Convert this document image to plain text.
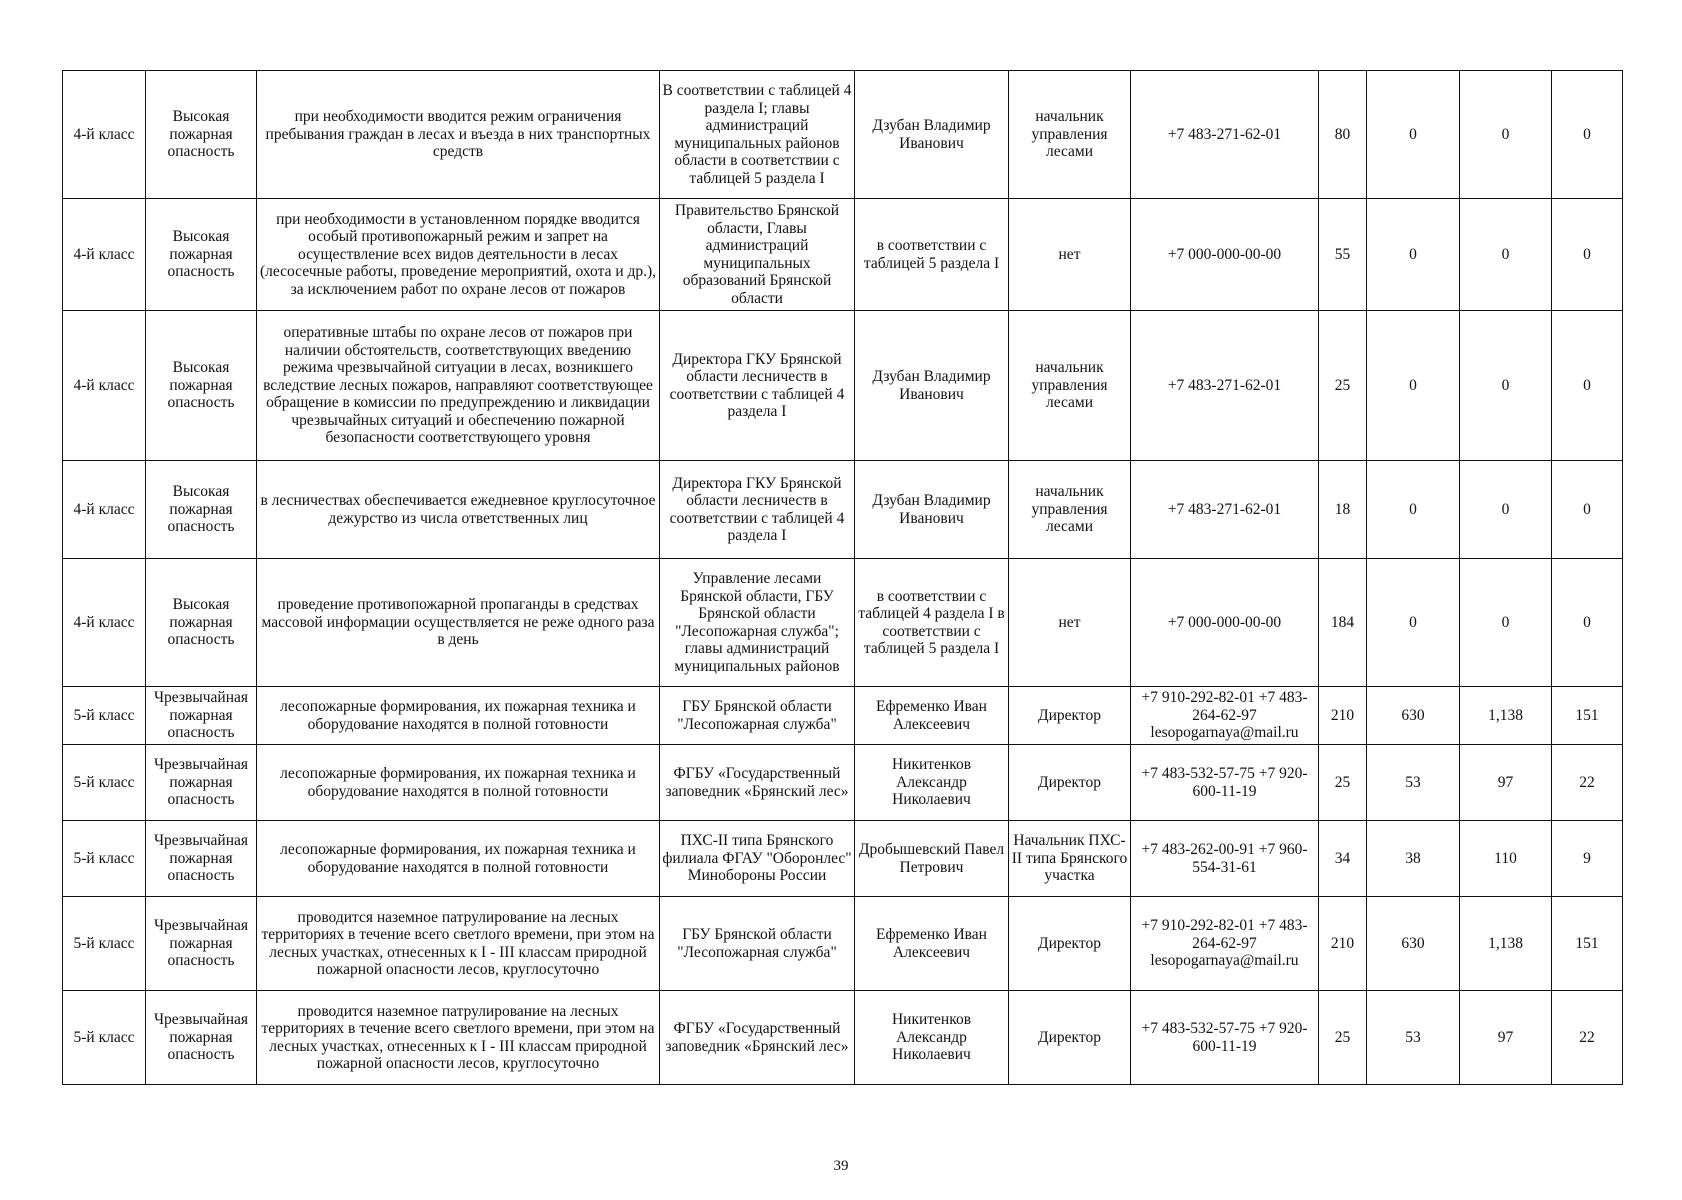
4-й класс	Высокая пожарная опасность	при необходимости вводится режим ограничения пребывания граждан в лесах и въезда в них транспортных средств	В соответствии с таблицей 4 раздела I; главы администраций муниципальных районов области в соответствии с таблицей 5 раздела I	Дзубан Владимир Иванович	начальник управления лесами	+7 483-271-62-01	80	0	0	0
4-й класс	Высокая пожарная опасность	при необходимости в установленном порядке вводится особый противопожарный режим и запрет на осуществление всех видов деятельности в лесах (лесосечные работы, проведение мероприятий, охота и др.), за исключением работ по охране лесов от пожаров	Правительство Брянской области, Главы администраций муниципальных образований Брянской области	в соответствии с таблицей 5 раздела I	нет	+7 000-000-00-00	55	0	0	0
4-й класс	Высокая пожарная опасность	оперативные штабы по охране лесов от пожаров при наличии обстоятельств, соответствующих введению режима чрезвычайной ситуации в лесах, возникшего вследствие лесных пожаров, направляют соответствующее обращение в комиссии по предупреждению и ликвидации чрезвычайных ситуаций и обеспечению пожарной безопасности соответствующего уровня	Директора ГКУ Брянской области лесничеств в соответствии с таблицей 4 раздела I	Дзубан Владимир Иванович	начальник управления лесами	+7 483-271-62-01	25	0	0	0
4-й класс	Высокая пожарная опасность	в лесничествах обеспечивается ежедневное круглосуточное дежурство из числа ответственных лиц	Директора ГКУ Брянской области лесничеств в соответствии с таблицей 4 раздела I	Дзубан Владимир Иванович	начальник управления лесами	+7 483-271-62-01	18	0	0	0
4-й класс	Высокая пожарная опасность	проведение противопожарной пропаганды в средствах массовой информации осуществляется не реже одного раза в день	Управление лесами Брянской области, ГБУ Брянской области "Лесопожарная служба"; главы администраций муниципальных районов	в соответствии с таблицей 4 раздела I в соответствии с таблицей 5 раздела I	нет	+7 000-000-00-00	184	0	0	0
5-й класс	Чрезвычайная пожарная опасность	лесопожарные формирования, их пожарная техника и оборудование находятся в полной готовности	ГБУ Брянской области "Лесопожарная служба"	Ефременко Иван Алексеевич	Директор	+7 910-292-82-01 +7 483-264-62-97 lesopogarnaya@mail.ru	210	630	1,138	151
5-й класс	Чрезвычайная пожарная опасность	лесопожарные формирования, их пожарная техника и оборудование находятся в полной готовности	ФГБУ «Государственный заповедник «Брянский лес»	Никитенков Александр Николаевич	Директор	+7 483-532-57-75 +7 920-600-11-19	25	53	97	22
5-й класс	Чрезвычайная пожарная опасность	лесопожарные формирования, их пожарная техника и оборудование находятся в полной готовности	ПХС-II типа Брянского филиала ФГАУ "Оборонлес" Минобороны России	Дробышевский Павел Петрович	Начальник ПХС-II типа Брянского участка	+7 483-262-00-91 +7 960-554-31-61	34	38	110	9
5-й класс	Чрезвычайная пожарная опасность	проводится наземное патрулирование на лесных территориях в течение всего светлого времени, при этом на лесных участках, отнесенных к I - III классам природной пожарной опасности лесов, круглосуточно	ГБУ Брянской области "Лесопожарная служба"	Ефременко Иван Алексеевич	Директор	+7 910-292-82-01 +7 483-264-62-97 lesopogarnaya@mail.ru	210	630	1,138	151
5-й класс	Чрезвычайная пожарная опасность	проводится наземное патрулирование на лесных территориях в течение всего светлого времени, при этом на лесных участках, отнесенных к I - III классам природной пожарной опасности лесов, круглосуточно	ФГБУ «Государственный заповедник «Брянский лес»	Никитенков Александр Николаевич	Директор	+7 483-532-57-75 +7 920-600-11-19	25	53	97	22
39
